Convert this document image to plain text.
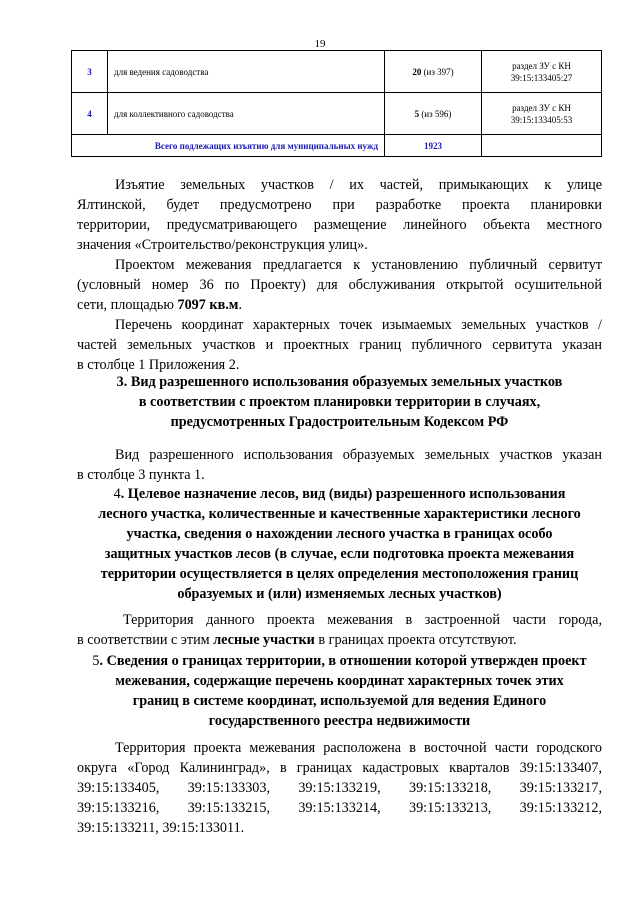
19
3	для ведения садоводства	20 (из 397)	раздел ЗУ с КН
39:15:133405:27
4	для коллективного садоводства	5 (из 596)	раздел ЗУ с КН
39:15:133405:53
Всего подлежащих изъятию для муниципальных нужд		1923	
Изъятие земельных участков / их частей, примыкающих к улице
Ялтинской, будет предусмотрено при разработке проекта планировки
территории, предусматривающего размещение линейного объекта местного
значения «Строительство/реконструкция улиц».
Проектом межевания предлагается к установлению публичный сервитут
(условный номер 36 по Проекту) для обслуживания открытой осушительной
сети, площадью 7097 кв.м.
Перечень координат характерных точек изымаемых земельных участков /
частей земельных участков и проектных границ публичного сервитута указан
в столбце 1 Приложения 2.
3. Вид разрешенного использования образуемых земельных участков
в соответствии с проектом планировки территории в случаях,
предусмотренных Градостроительным Кодексом РФ
Вид разрешенного использования образуемых земельных участков указан
в столбце 3 пункта 1.
4. Целевое назначение лесов, вид (виды) разрешенного использования
лесного участка, количественные и качественные характеристики лесного
участка, сведения о нахождении лесного участка в границах особо
защитных участков лесов (в случае, если подготовка проекта межевания
территории осуществляется в целях определения местоположения границ
образуемых и (или) изменяемых лесных участков)
Территория данного проекта межевания в застроенной части города,
в соответствии с этим лесные участки в границах проекта отсутствуют.
5. Сведения о границах территории, в отношении которой утвержден проект
межевания, содержащие перечень координат характерных точек этих
границ в системе координат, используемой для ведения Единого
государственного реестра недвижимости
Территория проекта межевания расположена в восточной части городского
округа «Город Калининград», в границах кадастровых кварталов 39:15:133407,
39:15:133405, 39:15:133303, 39:15:133219, 39:15:133218, 39:15:133217,
39:15:133216, 39:15:133215, 39:15:133214, 39:15:133213, 39:15:133212,
39:15:133211, 39:15:133011.
